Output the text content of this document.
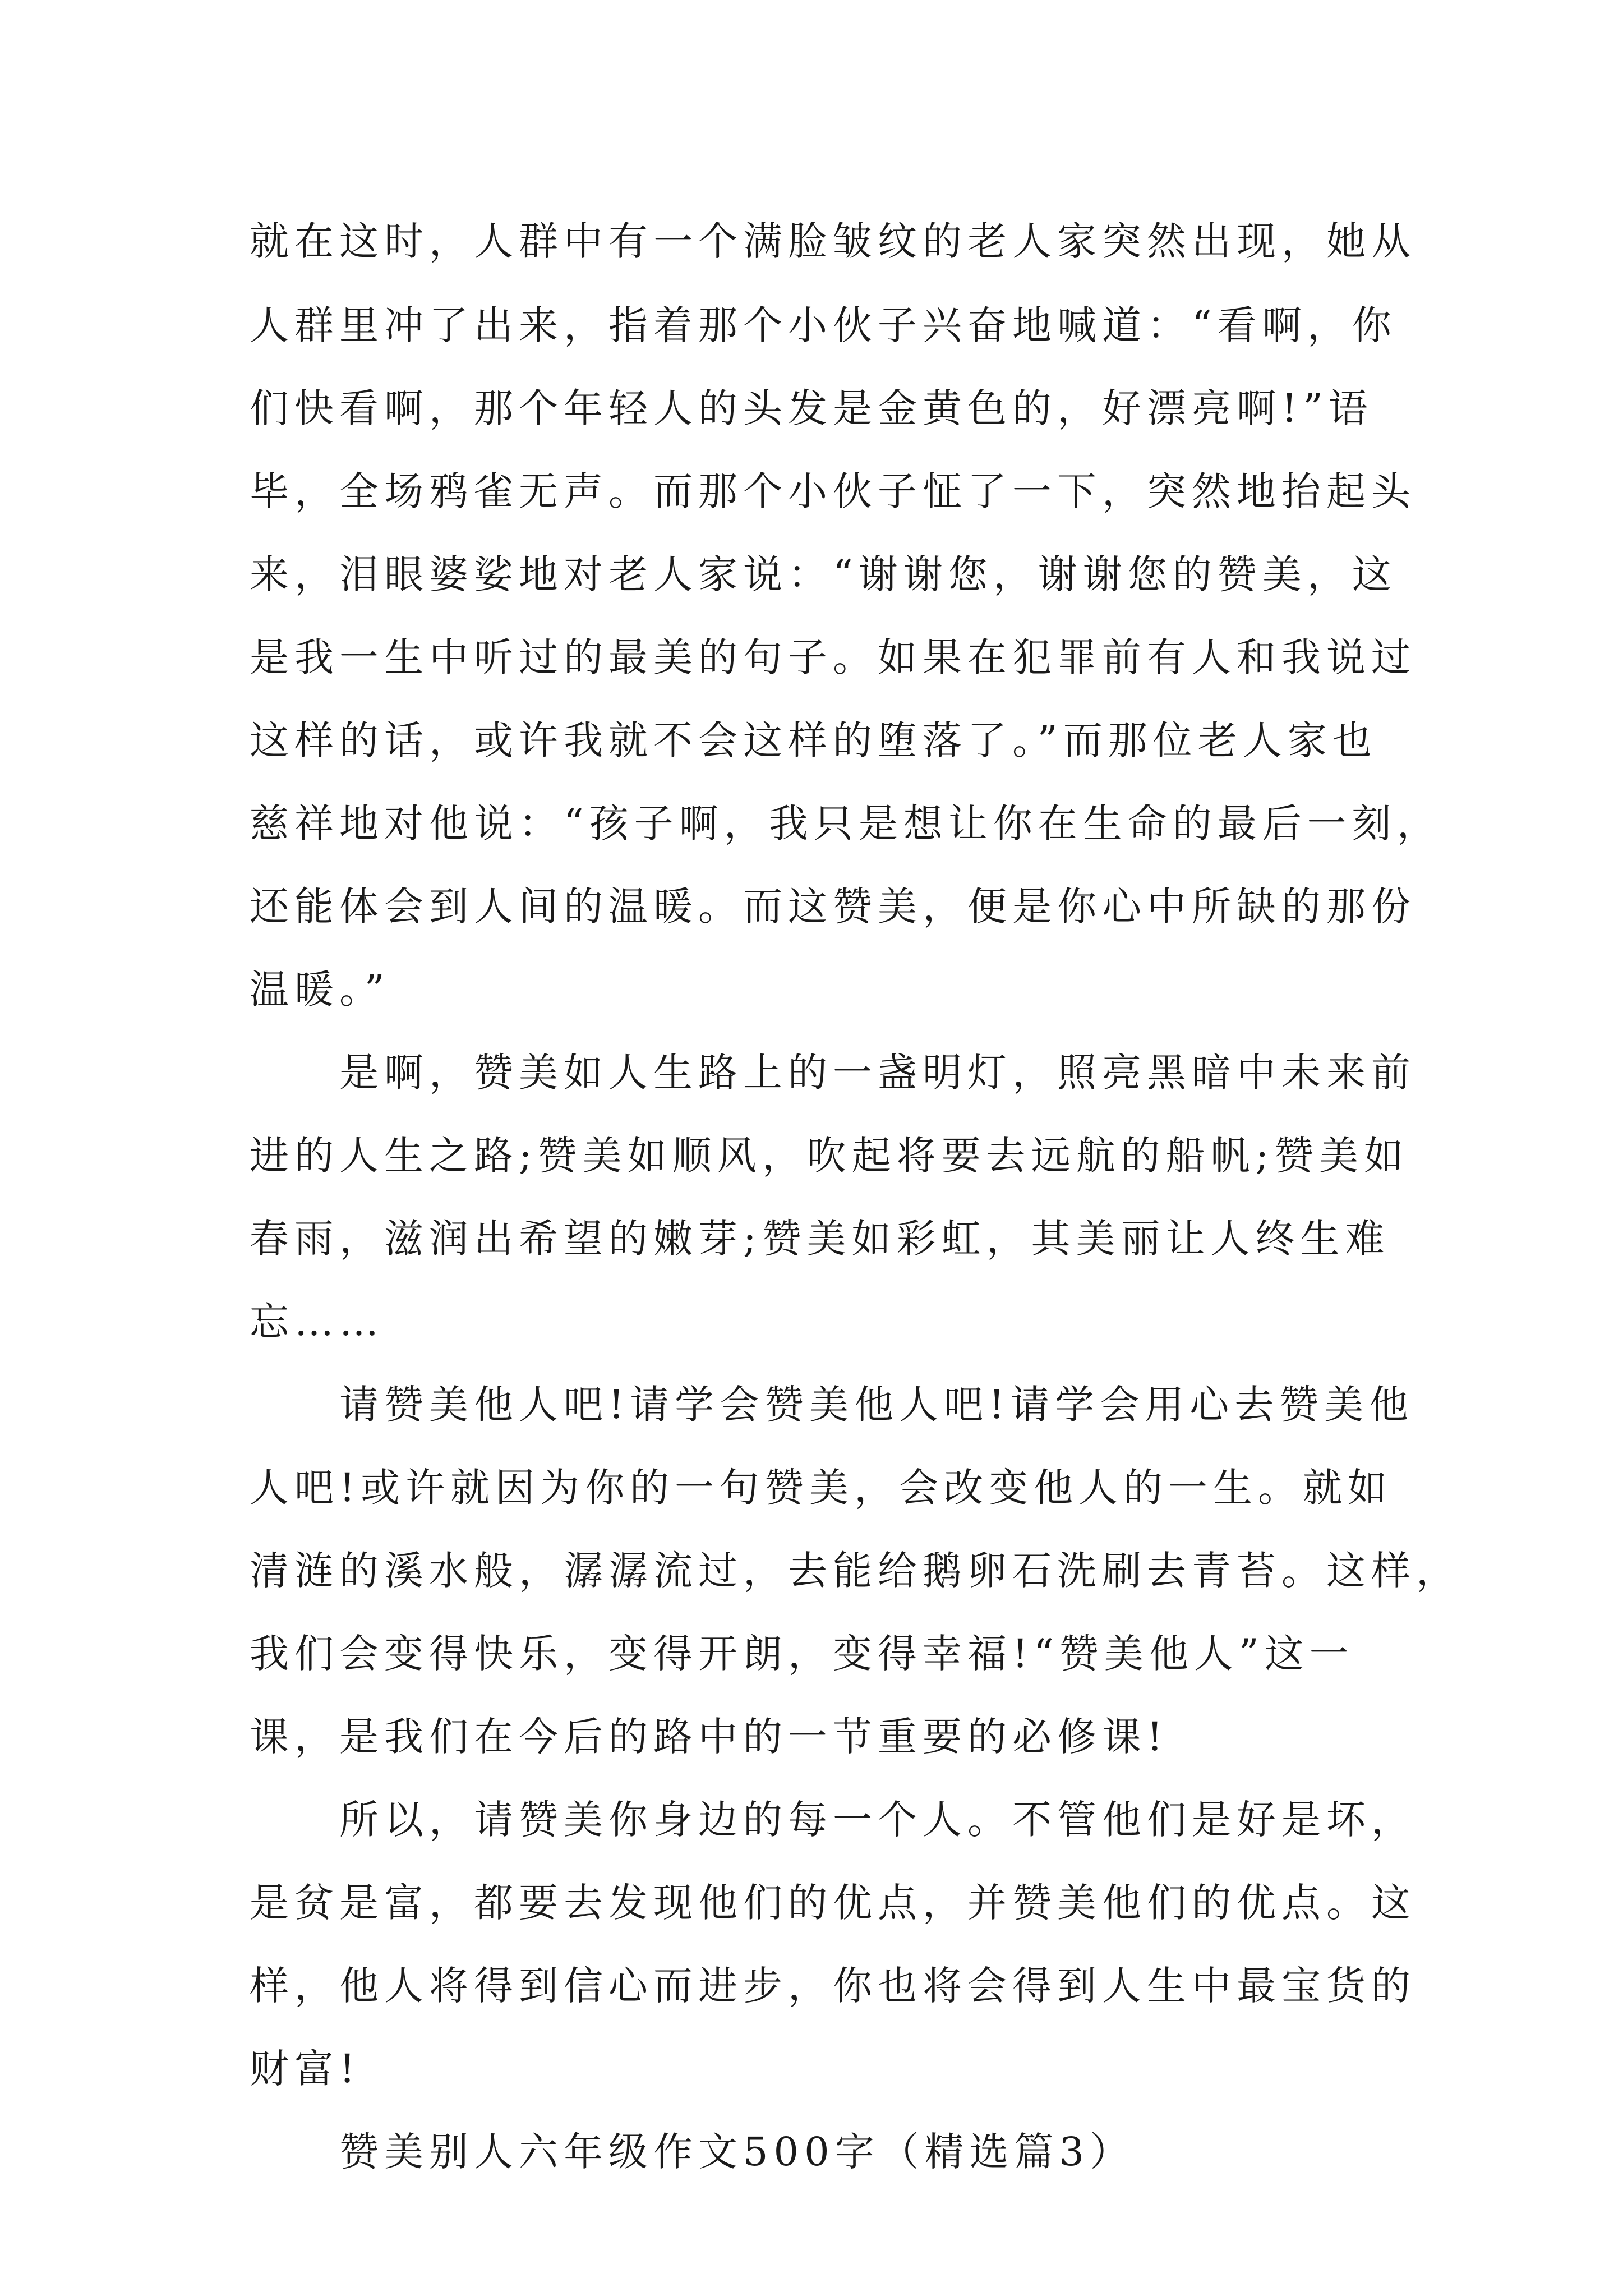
就在这时，人群中有一个满脸皱纹的老人家突然出现，她从
人群里冲了出来，指着那个小伙子兴奋地喊道：“看啊，你
们快看啊，那个年轻人的头发是金黄色的，好漂亮啊!”语
毕，全场鸦雀无声。而那个小伙子怔了一下，突然地抬起头
来，泪眼婆娑地对老人家说：“谢谢您，谢谢您的赞美，这
是我一生中听过的最美的句子。如果在犯罪前有人和我说过
这样的话，或许我就不会这样的堕落了。”而那位老人家也
慈祥地对他说：“孩子啊，我只是想让你在生命的最后一刻，
还能体会到人间的温暖。而这赞美，便是你心中所缺的那份
温暖。”
是啊，赞美如人生路上的一盏明灯，照亮黑暗中未来前
进的人生之路;赞美如顺风，吹起将要去远航的船帆;赞美如
春雨，滋润出希望的嫩芽;赞美如彩虹，其美丽让人终生难
忘……
请赞美他人吧!请学会赞美他人吧!请学会用心去赞美他
人吧!或许就因为你的一句赞美，会改变他人的一生。就如
清涟的溪水般，潺潺流过，去能给鹅卵石洗刷去青苔。这样，
我们会变得快乐，变得开朗，变得幸福!“赞美他人”这一
课，是我们在今后的路中的一节重要的必修课!
所以，请赞美你身边的每一个人。不管他们是好是坏，
是贫是富，都要去发现他们的优点，并赞美他们的优点。这
样，他人将得到信心而进步，你也将会得到人生中最宝货的
财富!
赞美别人六年级作文500字（精选篇3）
